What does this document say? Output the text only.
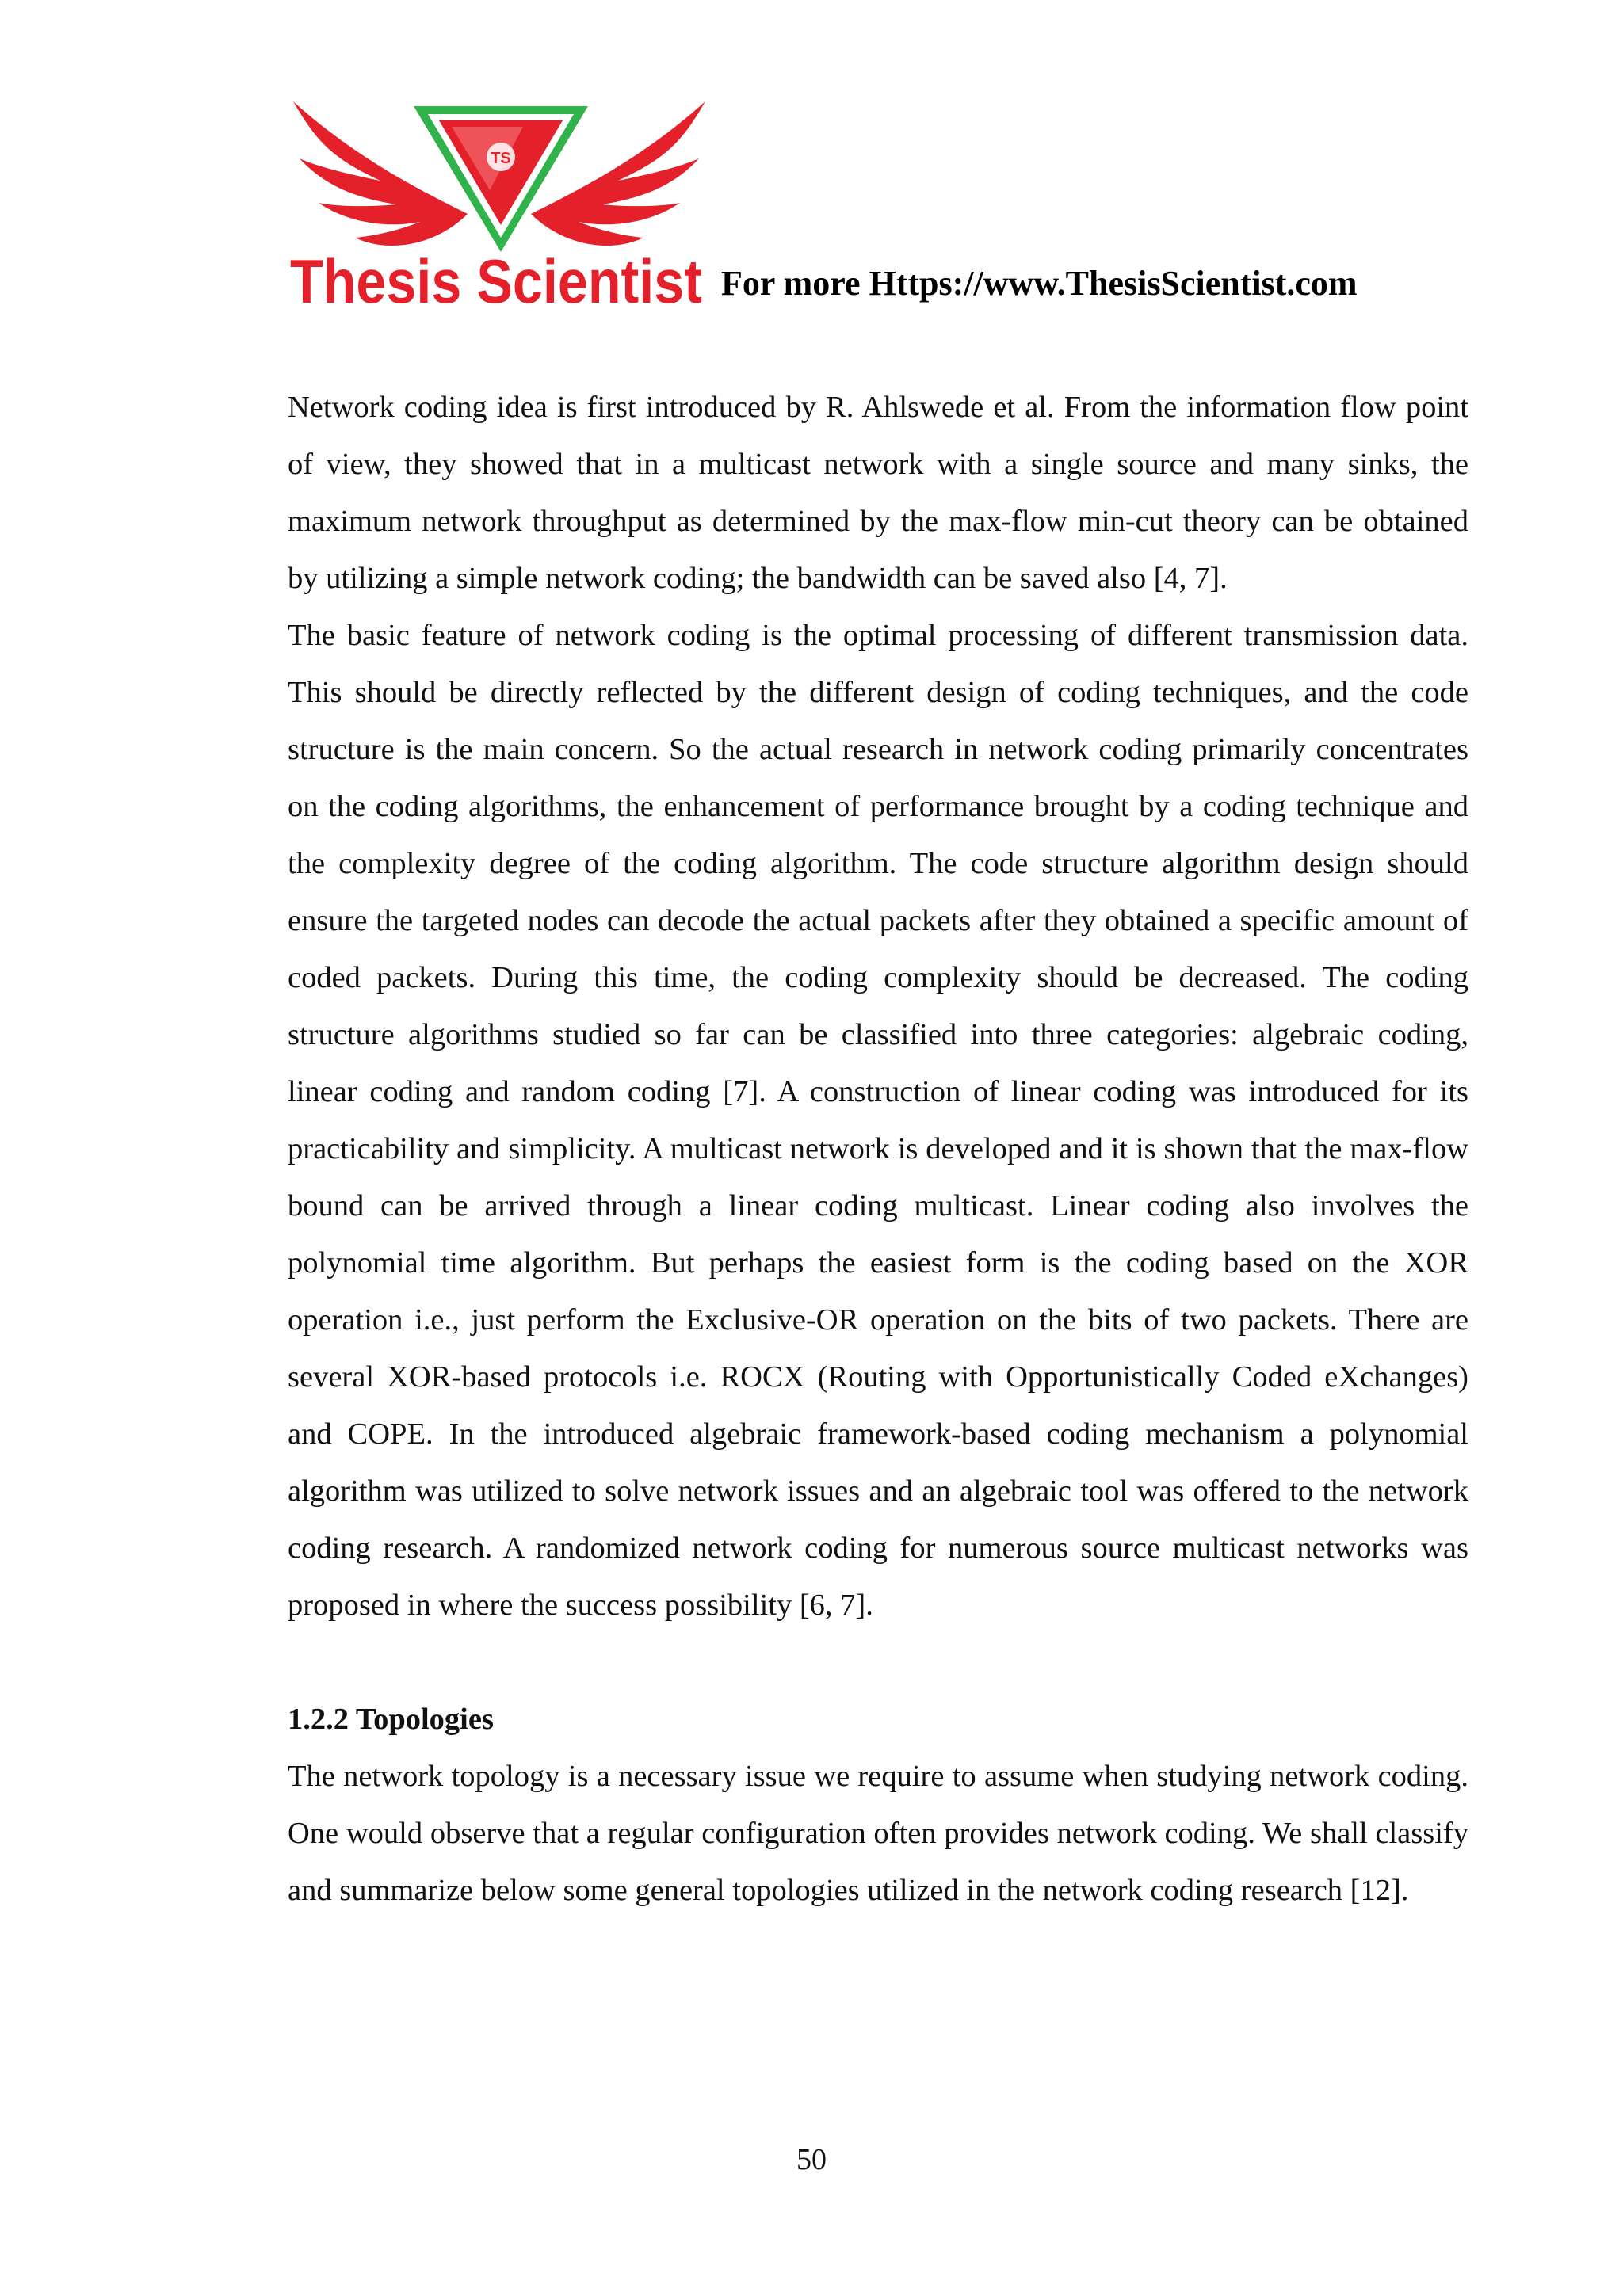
TS
Thesis Scientist For more Https://www.ThesisScientist.com

Network coding idea is first introduced by R. Ahlswede et al. From the information flow point of view, they showed that in a multicast network with a single source and many sinks, the maximum network throughput as determined by the max-flow min-cut theory can be obtained by utilizing a simple network coding; the bandwidth can be saved also [4, 7].

The basic feature of network coding is the optimal processing of different transmission data. This should be directly reflected by the different design of coding techniques, and the code structure is the main concern. So the actual research in network coding primarily concentrates on the coding algorithms, the enhancement of performance brought by a coding technique and the complexity degree of the coding algorithm. The code structure algorithm design should ensure the targeted nodes can decode the actual packets after they obtained a specific amount of coded packets. During this time, the coding complexity should be decreased. The coding structure algorithms studied so far can be classified into three categories: algebraic coding, linear coding and random coding [7]. A construction of linear coding was introduced for its practicability and simplicity. A multicast network is developed and it is shown that the max-flow bound can be arrived through a linear coding multicast. Linear coding also involves the polynomial time algorithm. But perhaps the easiest form is the coding based on the XOR operation i.e., just perform the Exclusive-OR operation on the bits of two packets. There are several XOR-based protocols i.e. ROCX (Routing with Opportunistically Coded eXchanges) and COPE. In the introduced algebraic framework-based coding mechanism a polynomial algorithm was utilized to solve network issues and an algebraic tool was offered to the network coding research. A randomized network coding for numerous source multicast networks was proposed in where the success possibility [6, 7].

1.2.2 Topologies

The network topology is a necessary issue we require to assume when studying network coding. One would observe that a regular configuration often provides network coding. We shall classify and summarize below some general topologies utilized in the network coding research [12].

50
